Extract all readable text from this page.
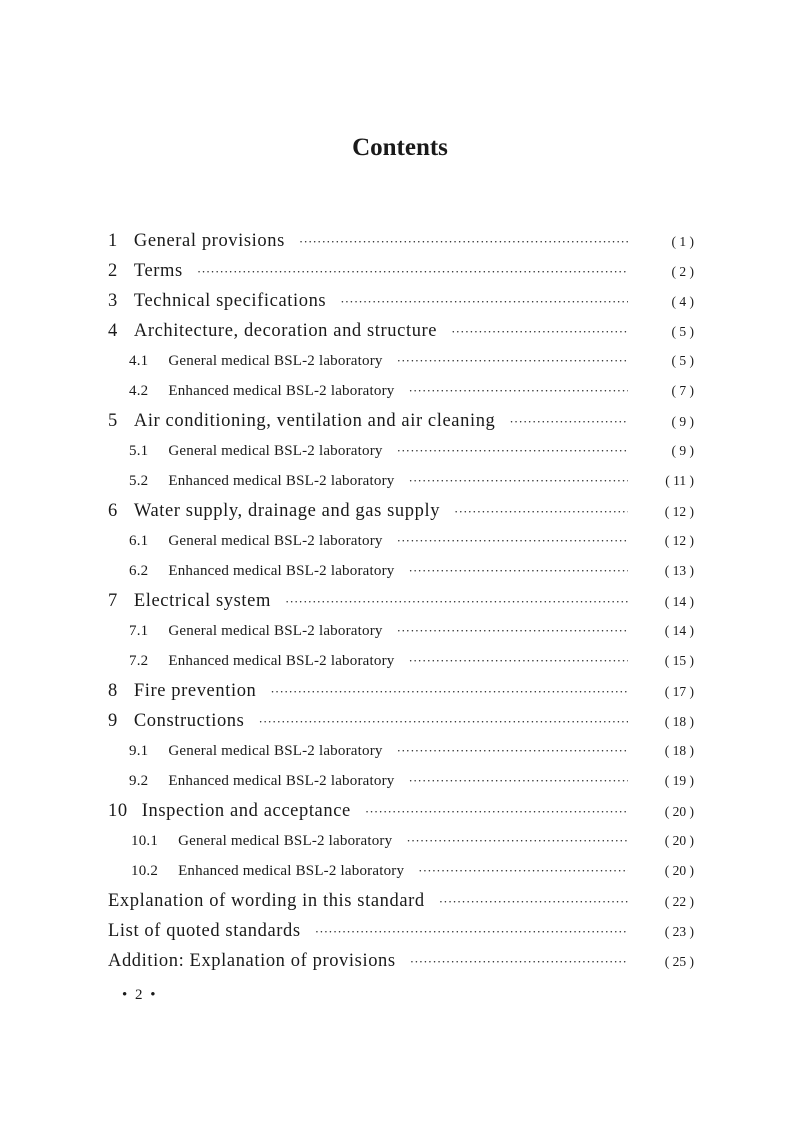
Contents
1 General provisions ·····	( 1 )
2 Terms ·····	( 2 )
3 Technical specifications ·····	( 4 )
4 Architecture, decoration and structure ·····	( 5 )
4.1 General medical BSL-2 laboratory ·····	( 5 )
4.2 Enhanced medical BSL-2 laboratory ·····	( 7 )
5 Air conditioning, ventilation and air cleaning ·····	( 9 )
5.1 General medical BSL-2 laboratory ·····	( 9 )
5.2 Enhanced medical BSL-2 laboratory ·····	( 11 )
6 Water supply, drainage and gas supply ·····	( 12 )
6.1 General medical BSL-2 laboratory ·····	( 12 )
6.2 Enhanced medical BSL-2 laboratory ·····	( 13 )
7 Electrical system ·····	( 14 )
7.1 General medical BSL-2 laboratory ·····	( 14 )
7.2 Enhanced medical BSL-2 laboratory ·····	( 15 )
8 Fire prevention ·····	( 17 )
9 Constructions ·····	( 18 )
9.1 General medical BSL-2 laboratory ·····	( 18 )
9.2 Enhanced medical BSL-2 laboratory ·····	( 19 )
10 Inspection and acceptance ·····	( 20 )
10.1 General medical BSL-2 laboratory ·····	( 20 )
10.2 Enhanced medical BSL-2 laboratory ·····	( 20 )
Explanation of wording in this standard ·····	( 22 )
List of quoted standards ·····	( 23 )
Addition: Explanation of provisions ·····	( 25 )
• 2 •
